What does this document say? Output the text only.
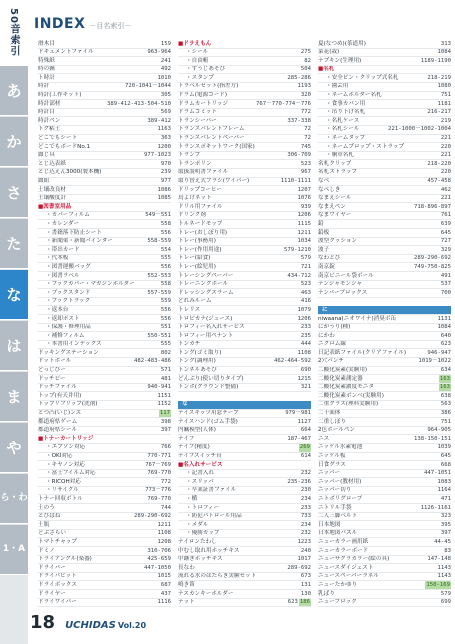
50音索引
あ
か
さ
た
な
は
ま
や
ら・わ
1・A
INDEX －目名索引－
滑木目	159
ドキュメントファイル	963-964
特殊紙	241
時の鐘	492
ト時計	1010
時計	720-1041－1044
時計(工作キット)	305
時計部材	389-412-413-504-510
時計目	569
時計ペン	389-412
トグ粘土	1163
どこでもシート	363
どこでもボードNo.1	1200
綴じ具	977-1023
とじ込表紙	970
とじ込えん3000(製本機)	239
綴紐	977
土壌改良材	1086
土壌酸度計	1085
■図書室用品
・カバーフィルム	549－551
・カレンダー	558
・書籍落下防止シート	556
・新聞架・新聞バインダー	558-559
・帯出カード	554
・代本板	555
・図書運搬バッグ	556
・図書ラベル	552-553
・ブックカバー・マガジンホルダー	558
・ブックスタンド	557-559
・ブックトラック	559
・返本台	556
・返却ポスト	556
・保護・修理用品	551
・補修フィルム	550-551
・本書用インデックス	555
ドッキングステーション	802
ドットボール	482-483-486
どっじびー	571
ドッチビー	481
ドッチファイル	940-941
トップ(有天井用)	1151
トップリフリップ(洗剤)	1152
とつ凸(いじ)ンズ	117
都道府県ゲーム	398
都道府県シール	397
■トナーカートリッジ
・エプソン対応	766
・OKI対応	770-771
・キヤノン対応	767－769
・富士フイルム対応	769-770
・RICOH対応	772
・リサイクル	773－776
トナー回収ボトル	769-770
土のう	744
とびばね	289-290-692
土瓶	1211
どぶさらい	1108
トマトチャップ	1208
ドミノ	310-706
トライアングル(楽器)	425-659
ドライバー	447-1050
ドライバビット	1015
ドライボックス	687
ドライヤー	437
ドライワイパー	1116
■ドラえもん
・シール	275
・自由帳	82
・すうじあそび	504
・スタンプ	285-286
トラベルセット(指差方)	1193
ドラム(電源コード)	320
ドラムカートリッジ	767－770-774－776
ドラムコミット	772
トランシーバー	337-338
トランスパレントフレーム	72
トランスパレントペーパー	72
トランスポキットワーク(国家)	745
トランプ	306-709
トランポリン	523
取扱説明書ファイル	967
取り替え式ブラシ(ワイパー)	1110-1111
ドリップコーヒー	1207
鳥よけネット	1076
ドリル用ファイル	939
ドリンク剤	1206
トルネードモップ	1115
トレー(おしぼり用)	1211
トレー(事務用)	1034
トレー(作用用途)	579-1210
トレー(給食)	579
トレー(絵児用)	721
トレーシングペーパー	434-712
トレーニングボール	523
ドレッシングスラーム	463
どれみルーム	416
トレリス	1079
トロピカナ(ジュース)	1206
トロフィー名入れサービス	233
トロフィー用ペナント	235
トンカチ	444
トング(ゴミ取り)	1108
トング(調理用)	462-464-592
トンネルあそび	690
どんぶり(使い切りタイプ)	1215
トンボ(グラウンド整備)	321
な
ナイスキッツ用窓テープ	979－981
ナイスハンド(ゴム手袋)	1127
内臓模型(人体)	664
ナイフ	187-467
ナイフ(精度)	269
ナイフスイッチ台	614
■名入れサービス
・記書入れ	232
・スリッパ	235-236
・卒業証書ファイル	230
・楯	234
・トロフィー	233
・防犯パトロール用品	733
・メダル	234
・優勝カップ	232
ナイロンたわし	1223
中むし取れ用ホッチキス	240
中継ぎホッチキス	1017
長なわ	289-692
流れる水のはたらき実験セット	673
鳴き笛	131
ナスカンキーホルダー	130
ナット	623 186
夏(なつめ)(茶道用)	313
菜花(栽)	1084
ナプキン(生理用)	1189-1190
■名札
・安全ピン・クリップ式名札	218-219
・園芸用	1080
・ネームホルダー名札	751
・食事カバン用	1181
・吊り下げ名札	216-217
・名札ケース	219
・名札シール	221-1000－1002-1004
・ネームタップ	221
・ネームプロップ・ストラップ	220
・胴章名札	221
名札クリップ	218-220
名札ストラップ	220
なべ	457-458
なべしき	462
なまえシール	221
なまえペン	718-896-897
なまワイヤー	761
鉛	639
鉛板	645
波型クッション	727
波子	329
なわとび	289-290-692
南京錠	749-750-825
南京ビニール袋ボール	491
ナンジャモンジャ	537
ナンバーブロックス	700
に
niwaana(ニオワイナ)消臭ボ缶	1131
にがうり(種)	1084
にかわ	640
ニクロム線	623
日記表紙ファイル(クリアファイル)	946-947
2穴パンチ	1019－1022
二酸化炭素(実験用)	634
二酸化炭素測定器	163
二酸化炭素濃度モニタ	163
二酸化炭素ボンベ(実験用)	638
二重グラス(理科実験用)	563
二十面体	386
二重しぼり	751
2色ボールペン	964-905
ニス	138-150-151
ニッケル水素電池	1039
ニッケル板	645
日食グラス	668
ニッパー	447-1051
ニッパー(教材用)	1083
ニッパー切り	1164
ニトボリグローブ	471
ニトリル手袋	1126-1161
二人三脚ベルト	323
日本地図	395
日本地図パズル	397
ニューカラー画用紙	44-45
ニューカラーボード	83
ニューサクラカラー(絵の具)	147-148
ニュースダイジェスト	1143
ニュースペーパーラネル	1143
ニューたかゆり	150-169
乳ばり	579
ニューブロック	699
18 UCHIDAS Vol.20
